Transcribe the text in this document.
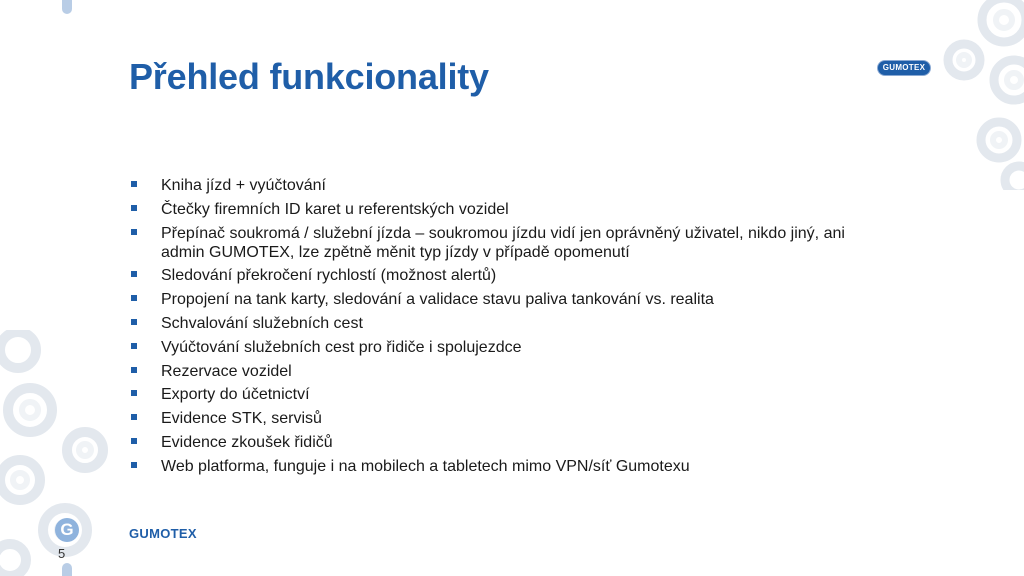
Přehled funkcionality	GUMOTEX
Kniha jízd + vyúčtování
Čtečky firemních ID karet u referentských vozidel
Přepínač soukromá / služební jízda – soukromou jízdu vidí jen oprávněný uživatel, nikdo jiný, ani admin GUMOTEX, lze zpětně měnit typ jízdy v případě opomenutí
Sledování překročení rychlostí (možnost alertů)
Propojení na tank karty, sledování a validace stavu paliva tankování vs. realita
Schvalování služebních cest
Vyúčtování služebních cest pro řidiče i spolujezdce
Rezervace vozidel
Exporty do účetnictví
Evidence STK, servisů
Evidence zkoušek řidičů
Web platforma, funguje i na mobilech a tabletech mimo VPN/síť Gumotexu
G
5
GUMOTEX
